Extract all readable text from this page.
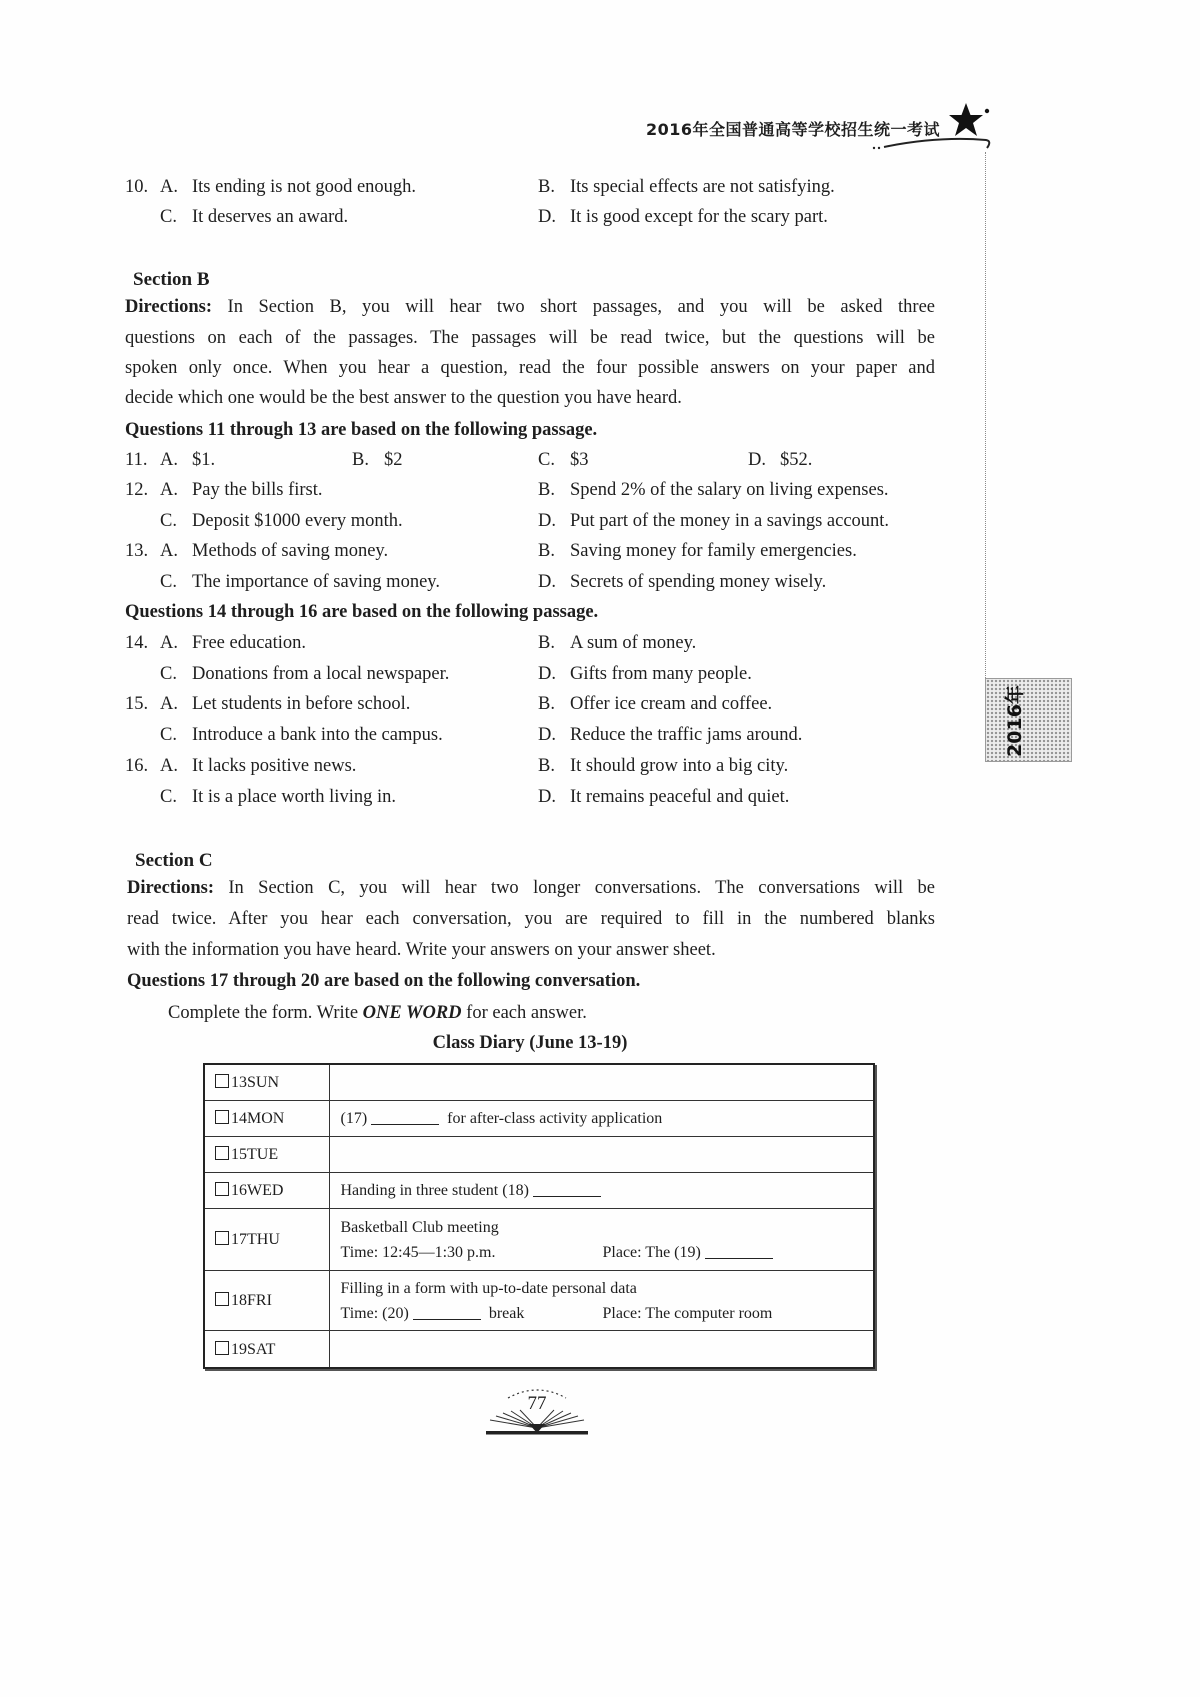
2016年全国普通高等学校招生统一考试
2016年
10. A. Its ending is not good enough.	B. Its special effects are not satisfying.
C. It deserves an award.	D. It is good except for the scary part.
Section B
Directions: In Section B, you will hear two short passages, and you will be asked three
questions on each of the passages. The passages will be read twice, but the questions will be
spoken only once. When you hear a question, read the four possible answers on your paper and
decide which one would be the best answer to the question you have heard.
Questions 11 through 13 are based on the following passage.
11. A. $1.	B. $2	C. $3	D. $52.
12. A. Pay the bills first.	B. Spend 2% of the salary on living expenses.
C. Deposit $1000 every month.	D. Put part of the money in a savings account.
13. A. Methods of saving money.	B. Saving money for family emergencies.
C. The importance of saving money.	D. Secrets of spending money wisely.
Questions 14 through 16 are based on the following passage.
14. A. Free education.	B. A sum of money.
C. Donations from a local newspaper.	D. Gifts from many people.
15. A. Let students in before school.	B. Offer ice cream and coffee.
C. Introduce a bank into the campus.	D. Reduce the traffic jams around.
16. A. It lacks positive news.	B. It should grow into a big city.
C. It is a place worth living in.	D. It remains peaceful and quiet.
Section C
Directions: In Section C, you will hear two longer conversations. The conversations will be
read twice. After you hear each conversation, you are required to fill in the numbered blanks
with the information you have heard. Write your answers on your answer sheet.
Questions 17 through 20 are based on the following conversation.
Complete the form. Write ONE WORD for each answer.
Class Diary (June 13-19)
13SUN	
14MON	(17) for after-class activity application
15TUE	
16WED	Handing in three student (18)
17THU	Basketball Club meeting
Time: 12:45—1:30 p.m. Place: The (19)

18FRI	Filling in a form with up-to-date personal data
Time: (20) break Place: The computer room

19SAT	
77
